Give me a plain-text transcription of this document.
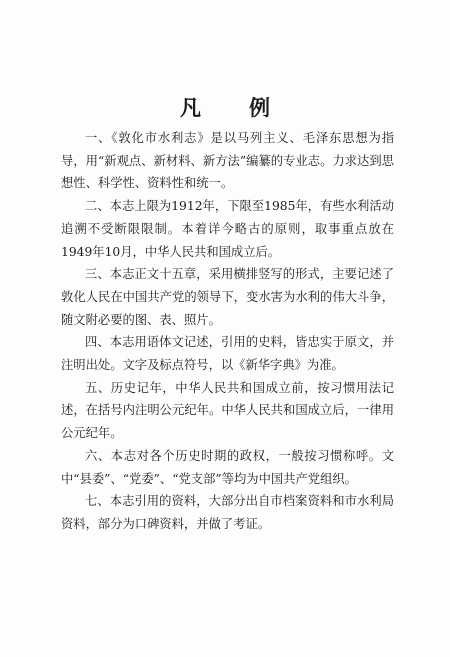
凡例

一、《敦化市水利志》是以马列主义、毛泽东思想为指导，用“新观点、新材料、新方法”编纂的专业志。力求达到思想性、科学性、资料性和统一。

二、本志上限为1912年，下限至1985年，有些水利活动追溯不受断限限制。本着详今略古的原则，取事重点放在1949年10月，中华人民共和国成立后。

三、本志正文十五章，采用横排竖写的形式，主要记述了敦化人民在中国共产党的领导下，变水害为水利的伟大斗争，随文附必要的图、表、照片。

四、本志用语体文记述，引用的史料，皆忠实于原文，并注明出处。文字及标点符号，以《新华字典》为准。

五、历史记年，中华人民共和国成立前，按习惯用法记述，在括号内注明公元纪年。中华人民共和国成立后，一律用公元纪年。

六、本志对各个历史时期的政权，一般按习惯称呼。文中“县委”、“党委”、“党支部”等均为中国共产党组织。

七、本志引用的资料，大部分出自市档案资料和市水利局资料，部分为口碑资料，并做了考证。
